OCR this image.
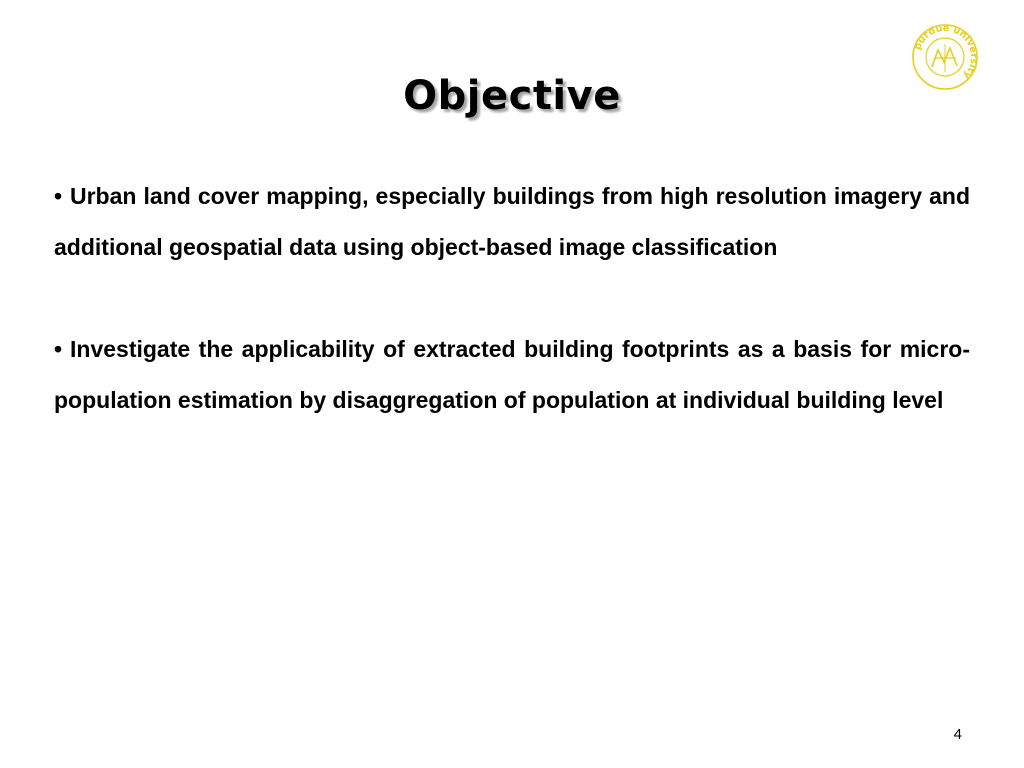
Objective
purdue university

• Urban land cover mapping, especially buildings from high resolution imagery and additional geospatial data using object-based image classification

• Investigate the applicability of extracted building footprints as a basis for micro-population estimation by disaggregation of population at individual building level

4
